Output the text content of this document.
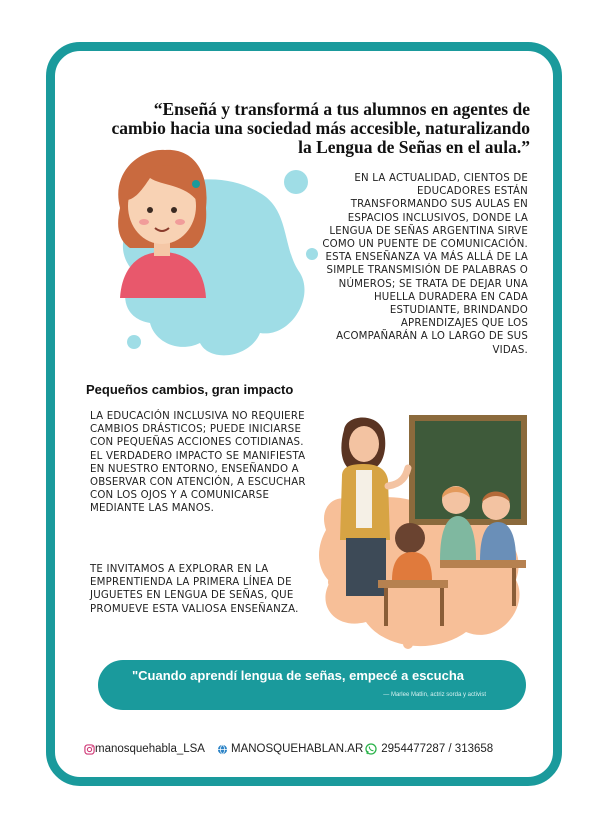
“Enseñá y transformá a tus alumnos en agentes de cambio hacia una sociedad más accesible, naturalizando la Lengua de Señas en el aula.”
EN LA ACTUALIDAD, CIENTOS DE EDUCADORES ESTÁN TRANSFORMANDO SUS AULAS EN ESPACIOS INCLUSIVOS, DONDE LA LENGUA DE SEÑAS ARGENTINA SIRVE COMO UN PUENTE DE COMUNICACIÓN. ESTA ENSEÑANZA VA MÁS ALLÁ DE LA SIMPLE TRANSMISIÓN DE PALABRAS O NÚMEROS; SE TRATA DE DEJAR UNA HUELLA DURADERA EN CADA ESTUDIANTE, BRINDANDO APRENDIZAJES QUE LOS ACOMPAÑARÁN A LO LARGO DE SUS VIDAS.
Pequeños cambios, gran impacto
LA EDUCACIÓN INCLUSIVA NO REQUIERE CAMBIOS DRÁSTICOS; PUEDE INICIARSE CON PEQUEÑAS ACCIONES COTIDIANAS. EL VERDADERO IMPACTO SE MANIFIESTA EN NUESTRO ENTORNO, ENSEÑANDO A OBSERVAR CON ATENCIÓN, A ESCUCHAR CON LOS OJOS Y A COMUNICARSE MEDIANTE LAS MANOS.
TE INVITAMOS A EXPLORAR EN LA EMPRENTIENDA LA PRIMERA LÍNEA DE JUGUETES EN LENGUA DE SEÑAS, QUE PROMUEVE ESTA VALIOSA ENSEÑANZA.
"Cuando aprendí lengua de señas, empecé a escucha
— Marlee Matlin, actriz sorda y activist
manosquehabla_LSA MANOSQUEHABLAN.AR 2954477287 / 313658
